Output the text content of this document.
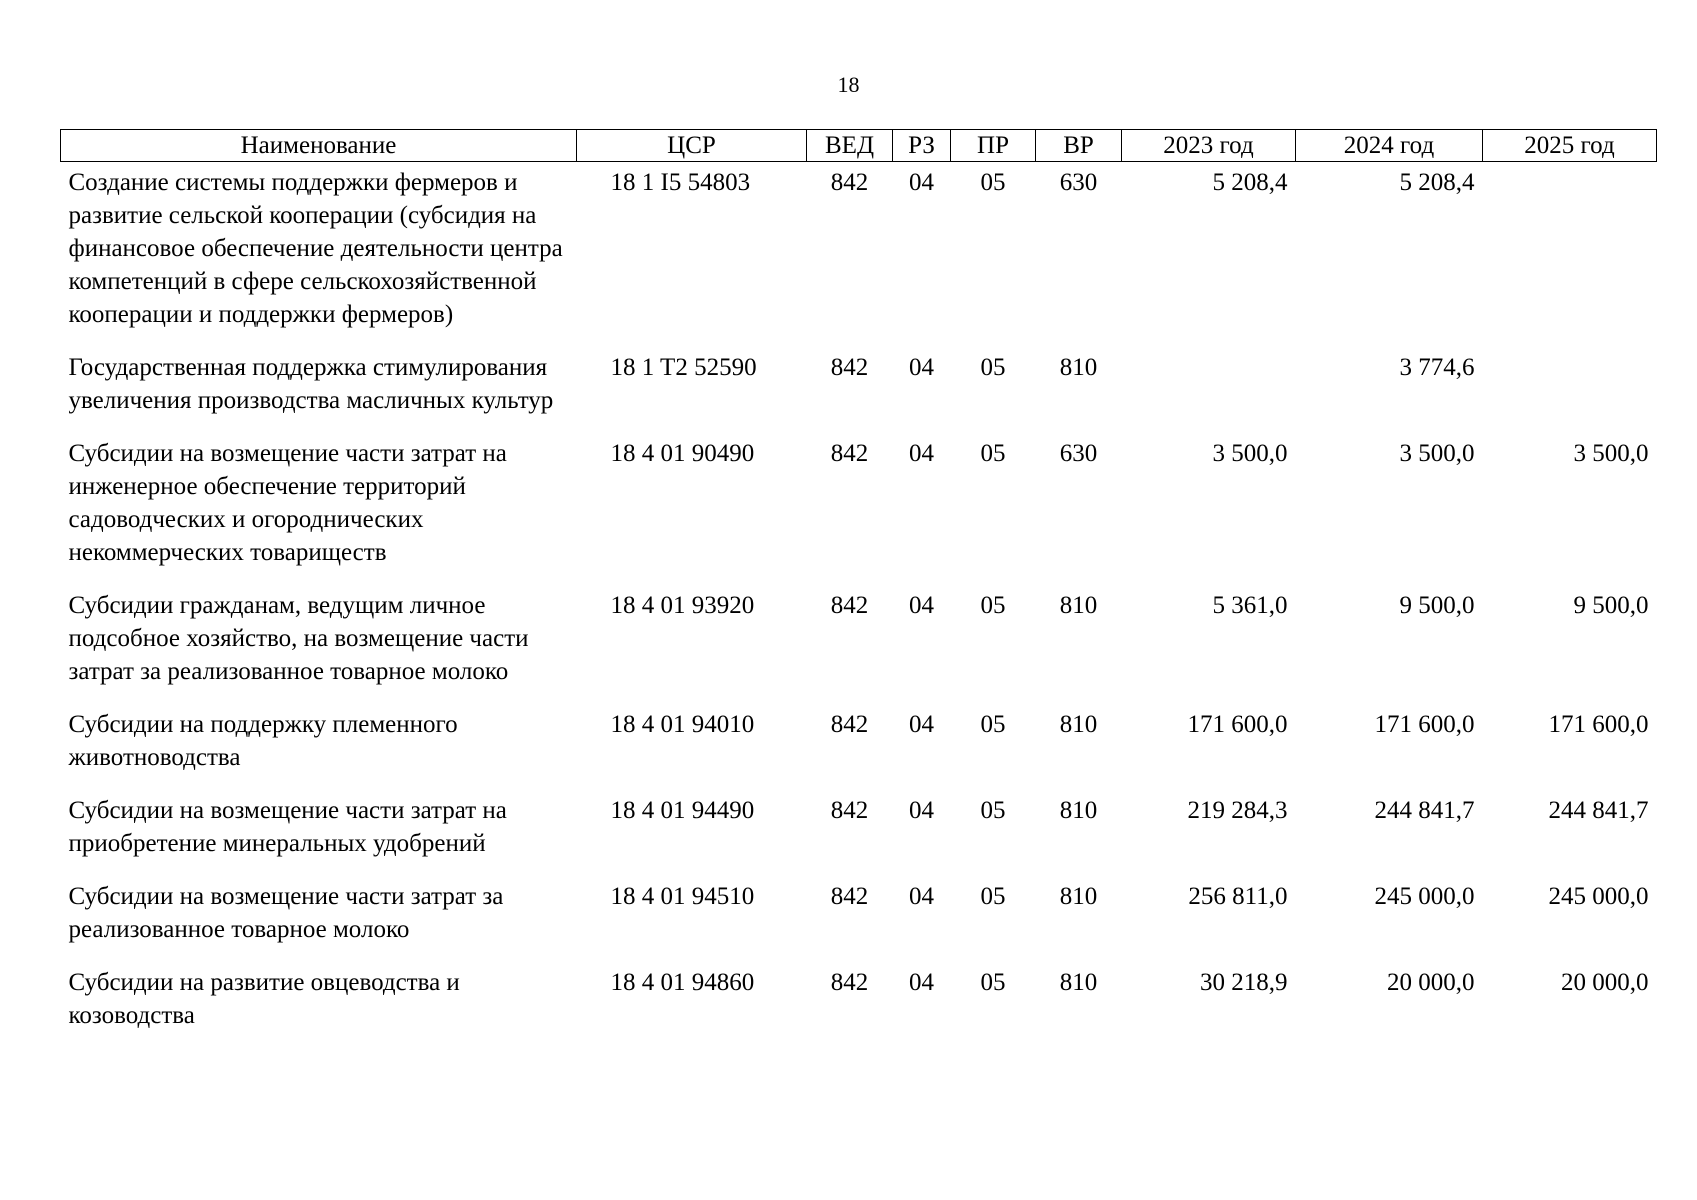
18
Наименование	ЦСР	ВЕД	РЗ	ПР	ВР	2023 год	2024 год	2025 год
Создание системы поддержки фермеров и развитие сельской кооперации (субсидия на финансовое обеспечение деятельности центра компетенций в сфере сельскохозяйственной кооперации и поддержки фермеров)	18 1 I5 54803	842	04	05	630	5 208,4	5 208,4	
Государственная поддержка стимулирования увеличения производства масличных культур	18 1 T2 52590	842	04	05	810		3 774,6	
Субсидии на возмещение части затрат на инженерное обеспечение территорий садоводческих и огороднических некоммерческих товариществ	18 4 01 90490	842	04	05	630	3 500,0	3 500,0	3 500,0
Субсидии гражданам, ведущим личное подсобное хозяйство, на возмещение части затрат за реализованное товарное молоко	18 4 01 93920	842	04	05	810	5 361,0	9 500,0	9 500,0
Субсидии на поддержку племенного животноводства	18 4 01 94010	842	04	05	810	171 600,0	171 600,0	171 600,0
Субсидии на возмещение части затрат на приобретение минеральных удобрений	18 4 01 94490	842	04	05	810	219 284,3	244 841,7	244 841,7
Субсидии на возмещение части затрат за реализованное товарное молоко	18 4 01 94510	842	04	05	810	256 811,0	245 000,0	245 000,0
Субсидии на развитие овцеводства и козоводства	18 4 01 94860	842	04	05	810	30 218,9	20 000,0	20 000,0
